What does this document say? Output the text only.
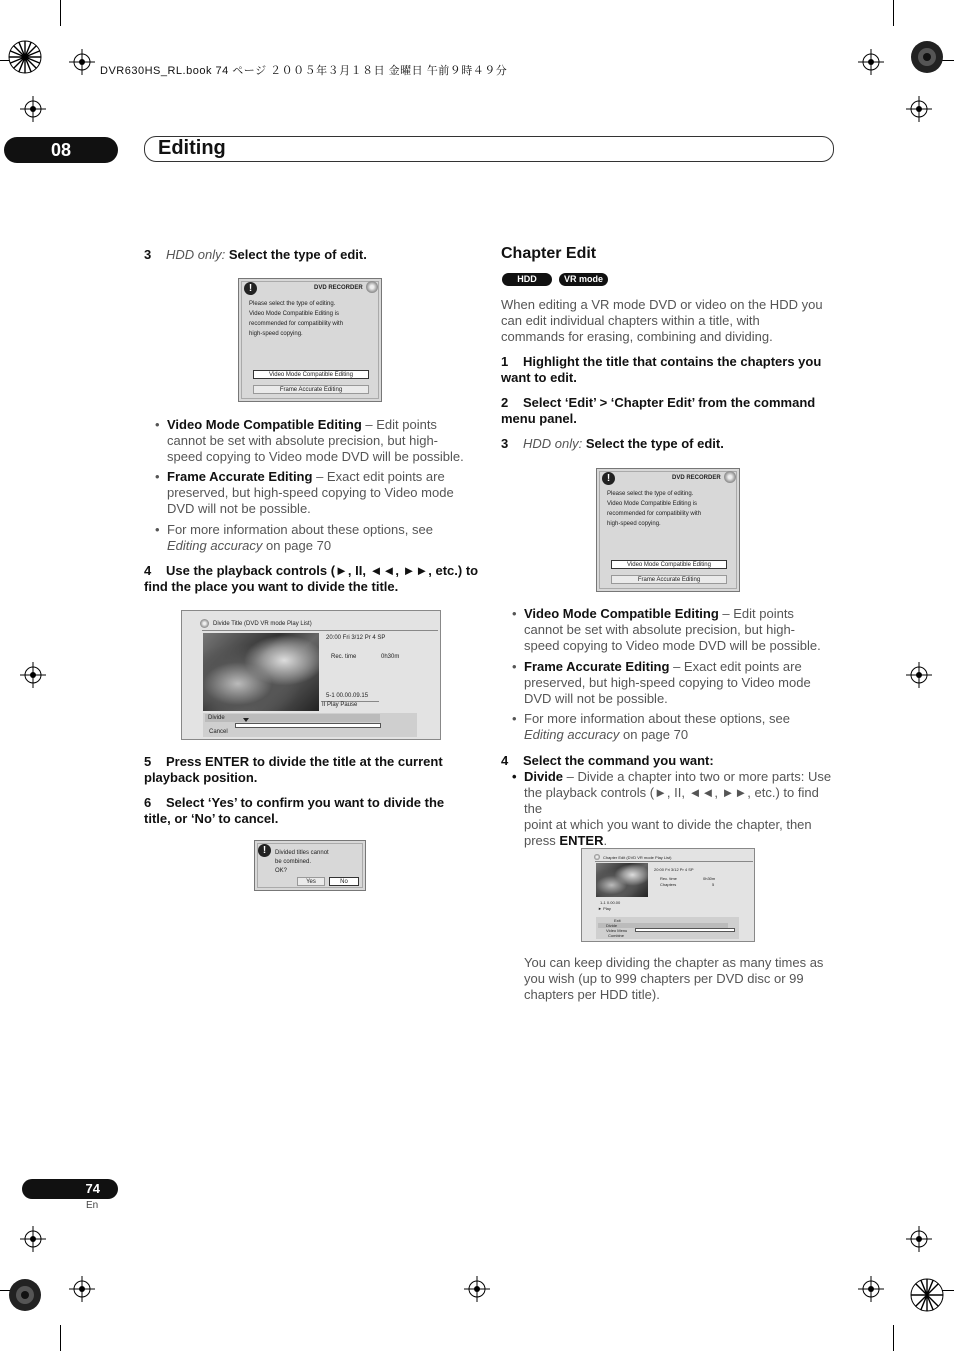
DVR630HS_RL.book 74 ページ ２００５年３月１８日 金曜日 午前９時４９分
08	Editing
3 HDD only: Select the type of edit.
!	DVD RECORDER
Please select the type of editing.
Video Mode Compatible Editing is
recommended for compatibility with
high-speed copying.
Video Mode Compatible Editing
Frame Accurate Editing
• Video Mode Compatible Editing – Edit points
cannot be set with absolute precision, but high-
speed copying to Video mode DVD will be possible.
• Frame Accurate Editing – Exact edit points are
preserved, but high-speed copying to Video mode
DVD will not be possible.
• For more information about these options, see
Editing accuracy on page 70
4 Use the playback controls (►, II, ◄◄, ►►, etc.) to
find the place you want to divide the title.
Divide Title (DVD VR mode Play List)
20:00 Fri 3/12 Pr 4 SP
Rec. time	0h30m
5-1 00.00.09.15
II Play Pause
Divide
Cancel
5 Press ENTER to divide the title at the current
playback position.
6 Select ‘Yes’ to confirm you want to divide the
title, or ‘No’ to cancel.
!	Divided titles cannot
be combined.
OK?
Yes	No
Chapter Edit
HDD	VR mode
When editing a VR mode DVD or video on the HDD you
can edit individual chapters within a title, with
commands for erasing, combining and dividing.
1 Highlight the title that contains the chapters you
want to edit.
2 Select ‘Edit’ > ‘Chapter Edit’ from the command
menu panel.
3 HDD only: Select the type of edit.
!	DVD RECORDER
Please select the type of editing.
Video Mode Compatible Editing is
recommended for compatibility with
high-speed copying.
Video Mode Compatible Editing
Frame Accurate Editing
• Video Mode Compatible Editing – Edit points
cannot be set with absolute precision, but high-
speed copying to Video mode DVD will be possible.
• Frame Accurate Editing – Exact edit points are
preserved, but high-speed copying to Video mode
DVD will not be possible.
• For more information about these options, see
Editing accuracy on page 70
4 Select the command you want:
• Divide – Divide a chapter into two or more parts: Use
the playback controls (►, II, ◄◄, ►►, etc.) to find the
point at which you want to divide the chapter, then
press ENTER.
Chapter Edit (DVD VR mode Play List)
20:00 Fri 3/12 Pr 4 SP
Rec. time	0h30m
Chapters	5
1-1 0.00.00
► Play
Exit
Divide
Video Menu
Combine
You can keep dividing the chapter as many times as
you wish (up to 999 chapters per DVD disc or 99
chapters per HDD title).
74
En
